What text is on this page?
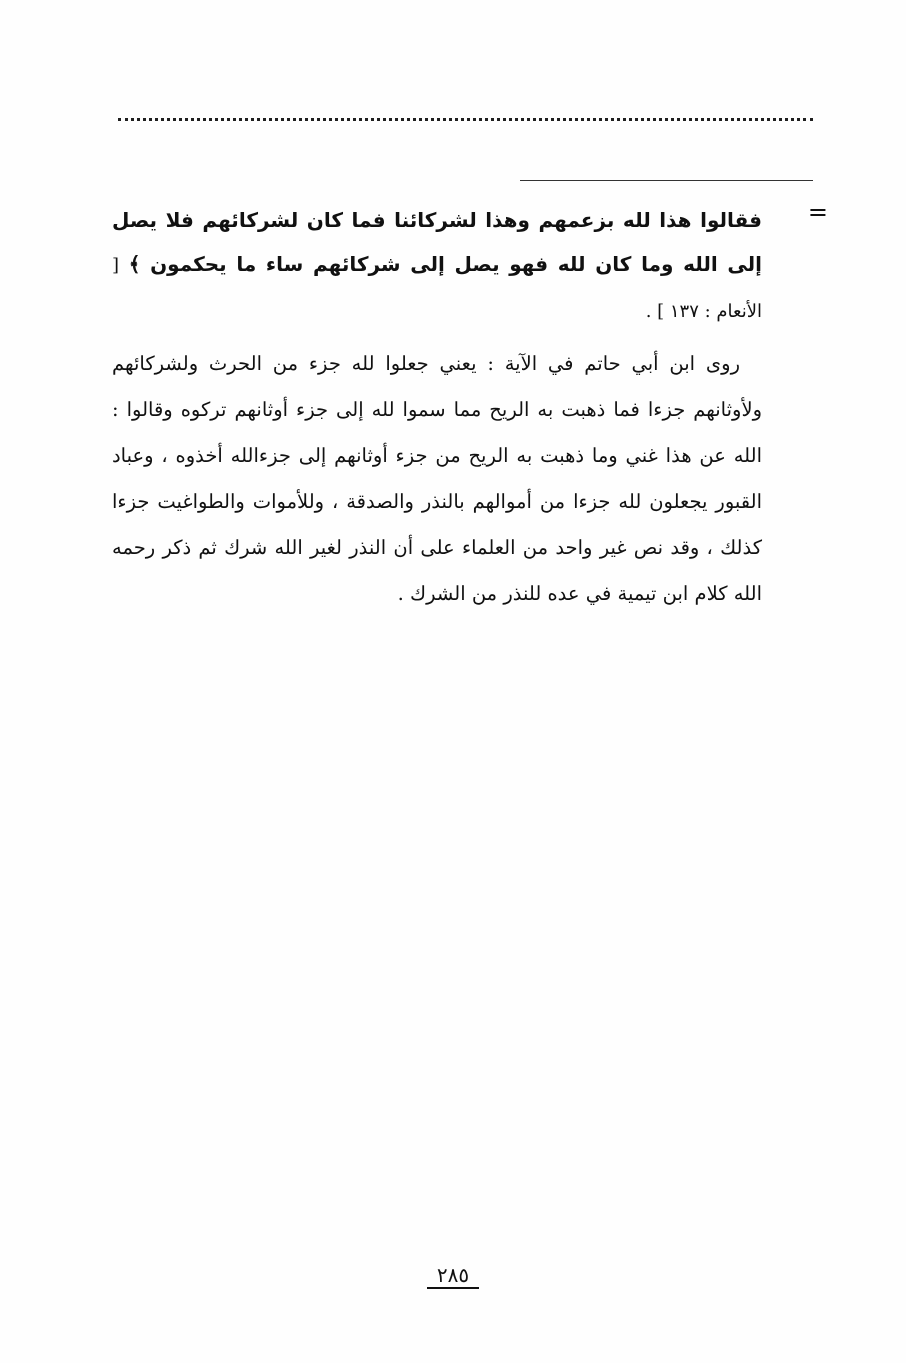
=
فقالوا هذا لله بزعمهم وهذا لشركائنا فما كان لشركائهم فلا يصل إلى الله وما كان لله فهو يصل إلى شركائهم ساء ما يحكمون ﴾ [ الأنعام : ١٣٧ ] .

روى ابن أبي حاتم في الآية : يعني جعلوا لله جزء من الحرث ولشركائهم ولأوثانهم جزءا فما ذهبت به الريح مما سموا لله إلى جزء أوثانهم تركوه وقالوا : الله عن هذا غني وما ذهبت به الريح من جزء أوثانهم إلى جزءالله أخذوه ، وعباد القبور يجعلون لله جزءا من أموالهم بالنذر والصدقة ، وللأموات والطواغيت جزءا كذلك ، وقد نص غير واحد من العلماء على أن النذر لغير الله شرك ثم ذكر رحمه الله كلام ابن تيمية في عده للنذر من الشرك .

٢٨٥
